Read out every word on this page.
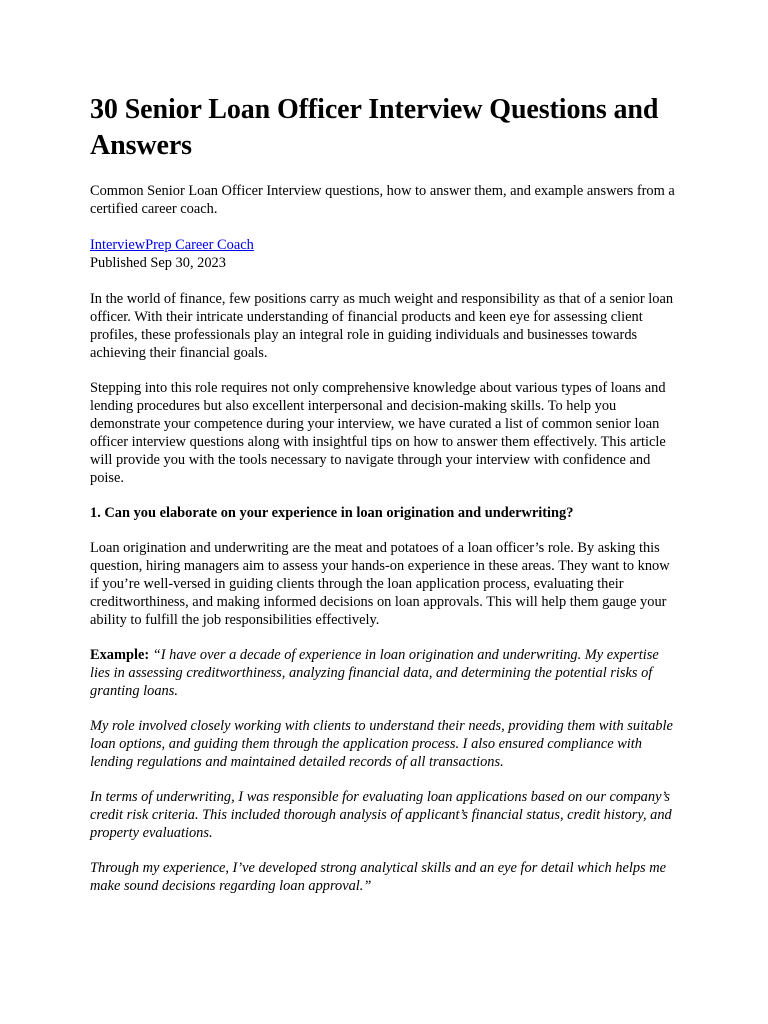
30 Senior Loan Officer Interview Questions and Answers

Common Senior Loan Officer Interview questions, how to answer them, and example answers from a certified career coach.

InterviewPrep Career Coach

Published Sep 30, 2023

In the world of finance, few positions carry as much weight and responsibility as that of a senior loan officer. With their intricate understanding of financial products and keen eye for assessing client profiles, these professionals play an integral role in guiding individuals and businesses towards achieving their financial goals.

Stepping into this role requires not only comprehensive knowledge about various types of loans and lending procedures but also excellent interpersonal and decision-making skills. To help you demonstrate your competence during your interview, we have curated a list of common senior loan officer interview questions along with insightful tips on how to answer them effectively. This article will provide you with the tools necessary to navigate through your interview with confidence and poise.

1. Can you elaborate on your experience in loan origination and underwriting?

Loan origination and underwriting are the meat and potatoes of a loan officer’s role. By asking this question, hiring managers aim to assess your hands-on experience in these areas. They want to know if you’re well-versed in guiding clients through the loan application process, evaluating their creditworthiness, and making informed decisions on loan approvals. This will help them gauge your ability to fulfill the job responsibilities effectively.

Example: “I have over a decade of experience in loan origination and underwriting. My expertise lies in assessing creditworthiness, analyzing financial data, and determining the potential risks of granting loans.

My role involved closely working with clients to understand their needs, providing them with suitable loan options, and guiding them through the application process. I also ensured compliance with lending regulations and maintained detailed records of all transactions.

In terms of underwriting, I was responsible for evaluating loan applications based on our company’s credit risk criteria. This included thorough analysis of applicant’s financial status, credit history, and property evaluations.

Through my experience, I’ve developed strong analytical skills and an eye for detail which helps me make sound decisions regarding loan approval.”
